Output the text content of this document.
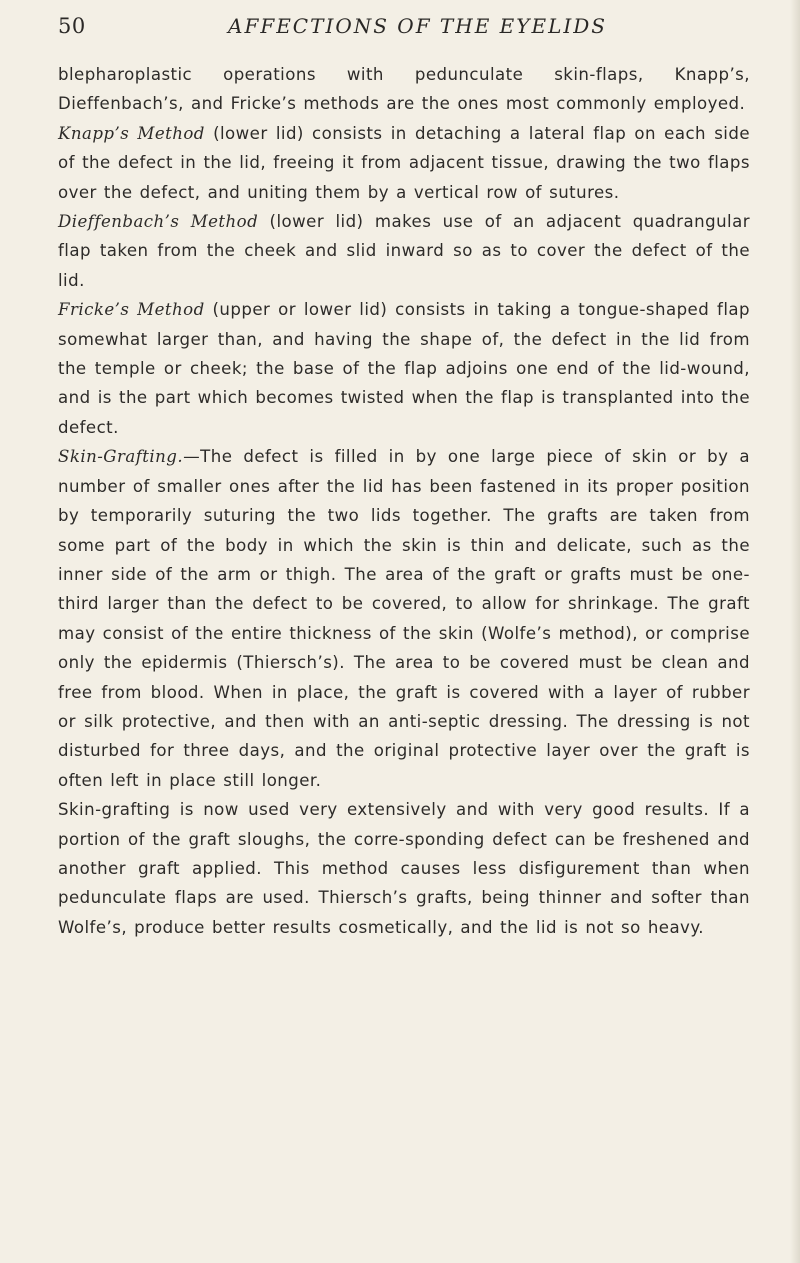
50	AFFECTIONS OF THE EYELIDS

blepharoplastic operations with pedunculate skin-flaps, Knapp’s, Dieffenbach’s, and Fricke’s methods are the ones most commonly employed.

Knapp’s Method (lower lid) consists in detaching a lateral flap on each side of the defect in the lid, freeing it from adjacent tissue, drawing the two flaps over the defect, and uniting them by a vertical row of sutures.

Dieffenbach’s Method (lower lid) makes use of an adjacent quadrangular flap taken from the cheek and slid inward so as to cover the defect of the lid.

Fricke’s Method (upper or lower lid) consists in taking a tongue-shaped flap somewhat larger than, and having the shape of, the defect in the lid from the temple or cheek; the base of the flap adjoins one end of the lid-wound, and is the part which becomes twisted when the flap is transplanted into the defect.

Skin-Grafting.—The defect is filled in by one large piece of skin or by a number of smaller ones after the lid has been fastened in its proper position by temporarily suturing the two lids together. The grafts are taken from some part of the body in which the skin is thin and delicate, such as the inner side of the arm or thigh. The area of the graft or grafts must be one-third larger than the defect to be covered, to allow for shrinkage. The graft may consist of the entire thickness of the skin (Wolfe’s method), or comprise only the epidermis (Thiersch’s). The area to be covered must be clean and free from blood. When in place, the graft is covered with a layer of rubber or silk protective, and then with an anti-septic dressing. The dressing is not disturbed for three days, and the original protective layer over the graft is often left in place still longer.

Skin-grafting is now used very extensively and with very good results. If a portion of the graft sloughs, the corre-sponding defect can be freshened and another graft applied. This method causes less disfigurement than when pedunculate flaps are used. Thiersch’s grafts, being thinner and softer than Wolfe’s, produce better results cosmetically, and the lid is not so heavy.
